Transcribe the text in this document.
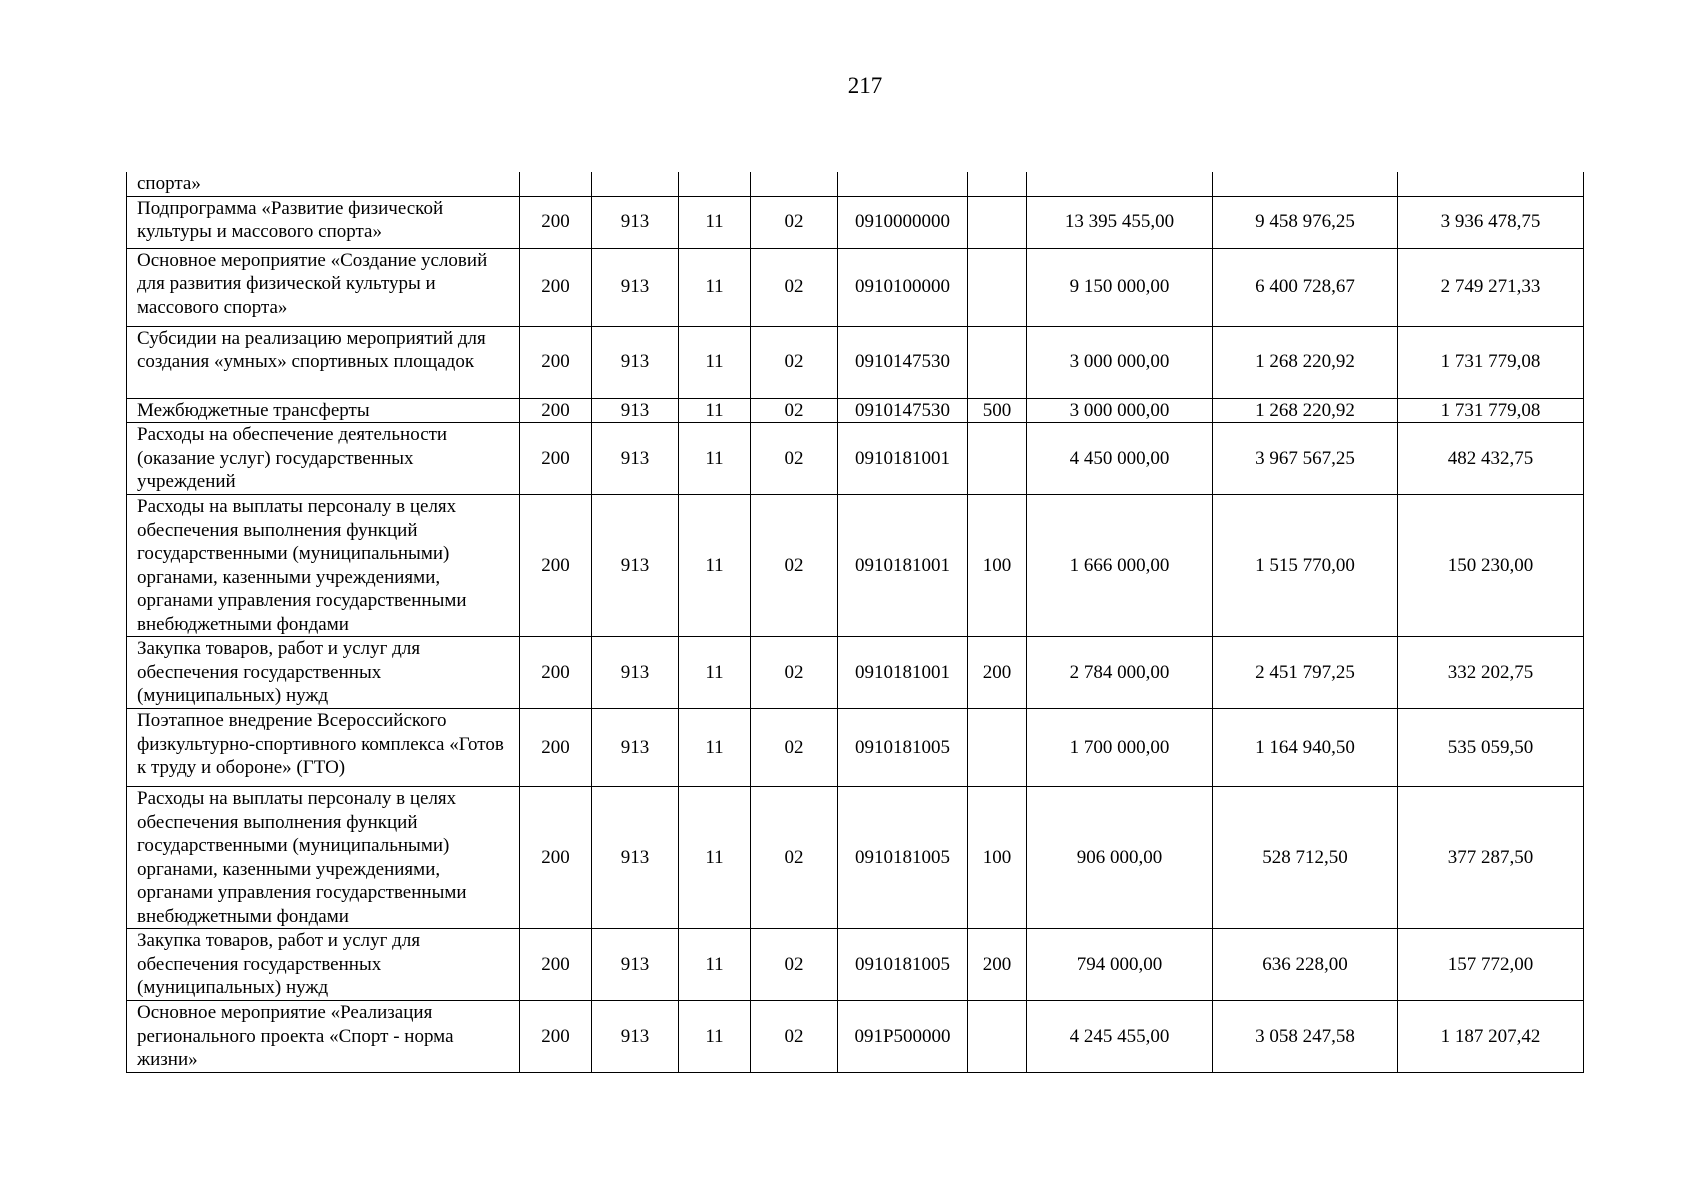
217
спорта»									
Подпрограмма «Развитие физической культуры и массового спорта»	200	913	11	02	0910000000		13 395 455,00	9 458 976,25	3 936 478,75
Основное мероприятие «Создание условий для развития физической культуры и массового спорта»	200	913	11	02	0910100000		9 150 000,00	6 400 728,67	2 749 271,33
Субсидии на реализацию мероприятий для создания «умных» спортивных площадок	200	913	11	02	0910147530		3 000 000,00	1 268 220,92	1 731 779,08
Межбюджетные трансферты	200	913	11	02	0910147530	500	3 000 000,00	1 268 220,92	1 731 779,08
Расходы на обеспечение деятельности (оказание услуг) государственных учреждений	200	913	11	02	0910181001		4 450 000,00	3 967 567,25	482 432,75
Расходы на выплаты персоналу в целях обеспечения выполнения функций государственными (муниципальными) органами, казенными учреждениями, органами управления государственными внебюджетными фондами	200	913	11	02	0910181001	100	1 666 000,00	1 515 770,00	150 230,00
Закупка товаров, работ и услуг для обеспечения государственных (муниципальных) нужд	200	913	11	02	0910181001	200	2 784 000,00	2 451 797,25	332 202,75
Поэтапное внедрение Всероссийского физкультурно-спортивного комплекса «Готов к труду и обороне» (ГТО)	200	913	11	02	0910181005		1 700 000,00	1 164 940,50	535 059,50
Расходы на выплаты персоналу в целях обеспечения выполнения функций государственными (муниципальными) органами, казенными учреждениями, органами управления государственными внебюджетными фондами	200	913	11	02	0910181005	100	906 000,00	528 712,50	377 287,50
Закупка товаров, работ и услуг для обеспечения государственных (муниципальных) нужд	200	913	11	02	0910181005	200	794 000,00	636 228,00	157 772,00
Основное мероприятие «Реализация регионального проекта «Спорт - норма жизни»	200	913	11	02	091P500000		4 245 455,00	3 058 247,58	1 187 207,42
